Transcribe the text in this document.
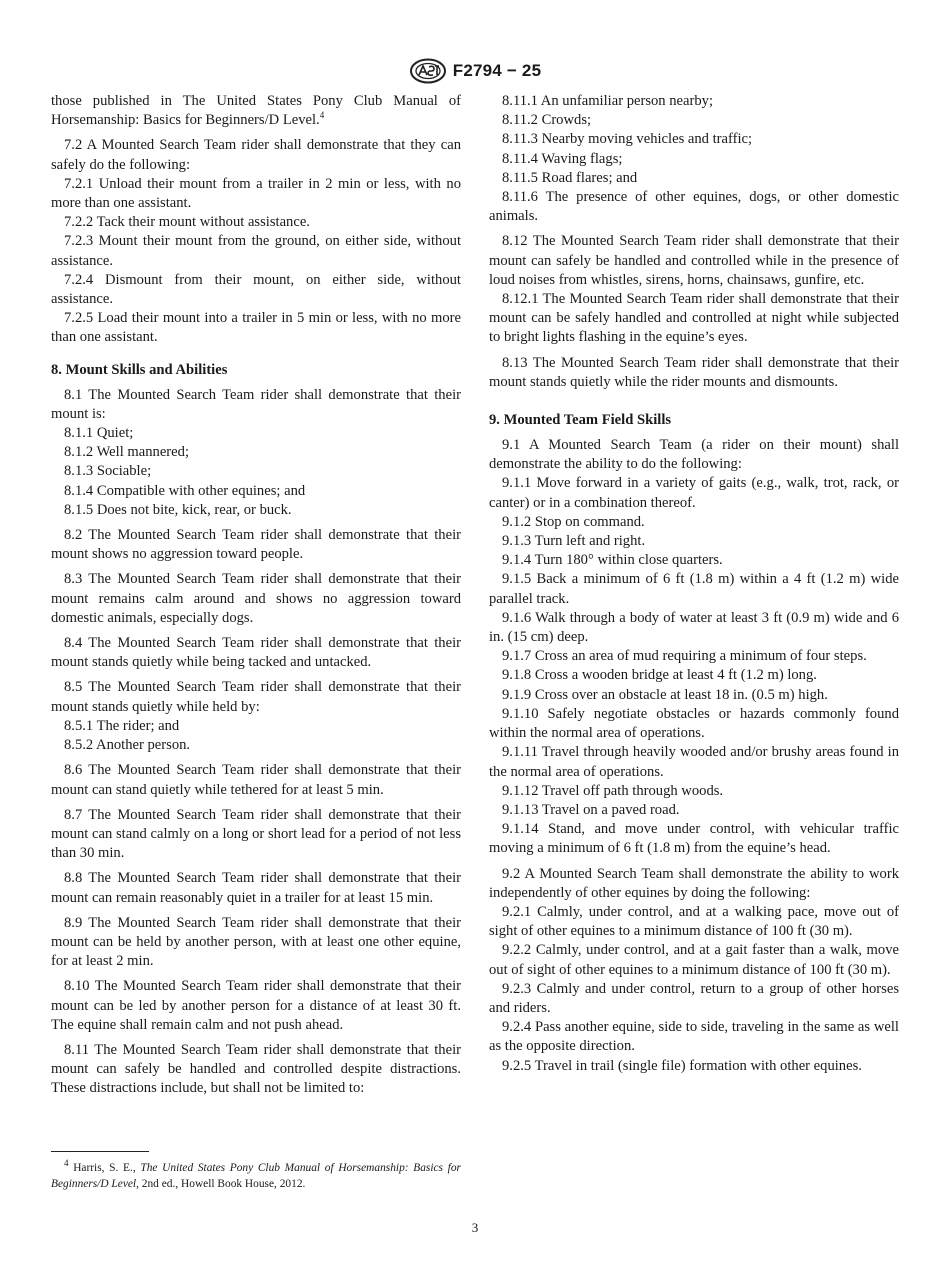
F2794 − 25

those published in The United States Pony Club Manual of Horsemanship: Basics for Beginners/D Level.$^4$

7.2 A Mounted Search Team rider shall demonstrate that they can safely do the following:

7.2.1 Unload their mount from a trailer in 2 min or less, with no more than one assistant.

7.2.2 Tack their mount without assistance.

7.2.3 Mount their mount from the ground, on either side, without assistance.

7.2.4 Dismount from their mount, on either side, without assistance.

7.2.5 Load their mount into a trailer in 5 min or less, with no more than one assistant.

8. Mount Skills and Abilities

8.1 The Mounted Search Team rider shall demonstrate that their mount is:

8.1.1 Quiet;

8.1.2 Well mannered;

8.1.3 Sociable;

8.1.4 Compatible with other equines; and

8.1.5 Does not bite, kick, rear, or buck.

8.2 The Mounted Search Team rider shall demonstrate that their mount shows no aggression toward people.

8.3 The Mounted Search Team rider shall demonstrate that their mount remains calm around and shows no aggression toward domestic animals, especially dogs.

8.4 The Mounted Search Team rider shall demonstrate that their mount stands quietly while being tacked and untacked.

8.5 The Mounted Search Team rider shall demonstrate that their mount stands quietly while held by:

8.5.1 The rider; and

8.5.2 Another person.

8.6 The Mounted Search Team rider shall demonstrate that their mount can stand quietly while tethered for at least 5 min.

8.7 The Mounted Search Team rider shall demonstrate that their mount can stand calmly on a long or short lead for a period of not less than 30 min.

8.8 The Mounted Search Team rider shall demonstrate that their mount can remain reasonably quiet in a trailer for at least 15 min.

8.9 The Mounted Search Team rider shall demonstrate that their mount can be held by another person, with at least one other equine, for at least 2 min.

8.10 The Mounted Search Team rider shall demonstrate that their mount can be led by another person for a distance of at least 30 ft. The equine shall remain calm and not push ahead.

8.11 The Mounted Search Team rider shall demonstrate that their mount can safely be handled and controlled despite distractions. These distractions include, but shall not be limited to:

8.11.1 An unfamiliar person nearby;

8.11.2 Crowds;

8.11.3 Nearby moving vehicles and traffic;

8.11.4 Waving flags;

8.11.5 Road flares; and

8.11.6 The presence of other equines, dogs, or other domestic animals.

8.12 The Mounted Search Team rider shall demonstrate that their mount can safely be handled and controlled while in the presence of loud noises from whistles, sirens, horns, chainsaws, gunfire, etc.

8.12.1 The Mounted Search Team rider shall demonstrate that their mount can be safely handled and controlled at night while subjected to bright lights flashing in the equine’s eyes.

8.13 The Mounted Search Team rider shall demonstrate that their mount stands quietly while the rider mounts and dismounts.

9. Mounted Team Field Skills

9.1 A Mounted Search Team (a rider on their mount) shall demonstrate the ability to do the following:

9.1.1 Move forward in a variety of gaits (e.g., walk, trot, rack, or canter) or in a combination thereof.

9.1.2 Stop on command.

9.1.3 Turn left and right.

9.1.4 Turn 180° within close quarters.

9.1.5 Back a minimum of 6 ft (1.8 m) within a 4 ft (1.2 m) wide parallel track.

9.1.6 Walk through a body of water at least 3 ft (0.9 m) wide and 6 in. (15 cm) deep.

9.1.7 Cross an area of mud requiring a minimum of four steps.

9.1.8 Cross a wooden bridge at least 4 ft (1.2 m) long.

9.1.9 Cross over an obstacle at least 18 in. (0.5 m) high.

9.1.10 Safely negotiate obstacles or hazards commonly found within the normal area of operations.

9.1.11 Travel through heavily wooded and/or brushy areas found in the normal area of operations.

9.1.12 Travel off path through woods.

9.1.13 Travel on a paved road.

9.1.14 Stand, and move under control, with vehicular traffic moving a minimum of 6 ft (1.8 m) from the equine’s head.

9.2 A Mounted Search Team shall demonstrate the ability to work independently of other equines by doing the following:

9.2.1 Calmly, under control, and at a walking pace, move out of sight of other equines to a minimum distance of 100 ft (30 m).

9.2.2 Calmly, under control, and at a gait faster than a walk, move out of sight of other equines to a minimum distance of 100 ft (30 m).

9.2.3 Calmly and under control, return to a group of other horses and riders.

9.2.4 Pass another equine, side to side, traveling in the same as well as the opposite direction.

9.2.5 Travel in trail (single file) formation with other equines.

$^4$ Harris, S. E., The United States Pony Club Manual of Horsemanship: Basics for Beginners/D Level, 2nd ed., Howell Book House, 2012.
3
